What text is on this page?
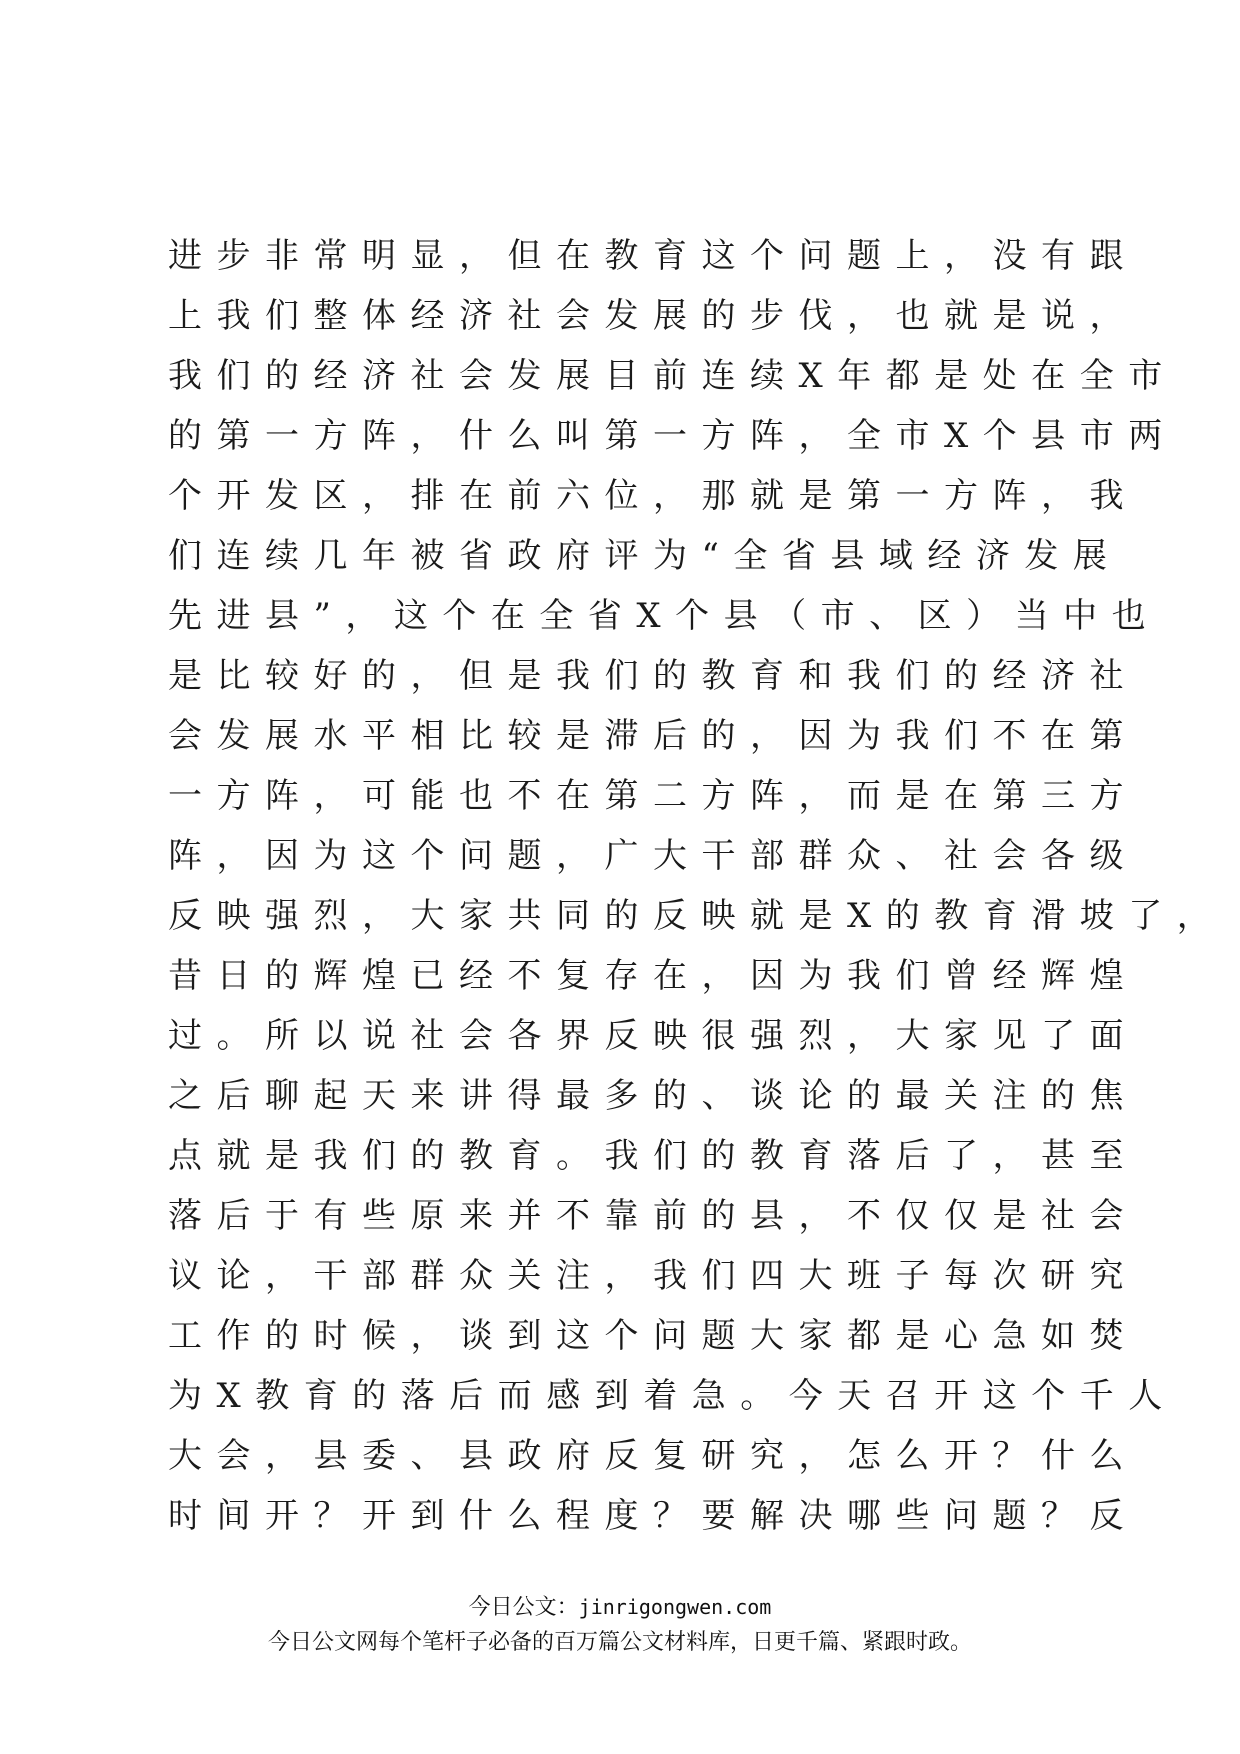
进步非常明显，但在教育这个问题上，没有跟
上我们整体经济社会发展的步伐，也就是说，
我们的经济社会发展目前连续X年都是处在全市
的第一方阵，什么叫第一方阵，全市X个县市两
个开发区，排在前六位，那就是第一方阵，我
们连续几年被省政府评为“全省县域经济发展
先进县”，这个在全省X个县（市、区）当中也
是比较好的，但是我们的教育和我们的经济社
会发展水平相比较是滞后的，因为我们不在第
一方阵，可能也不在第二方阵，而是在第三方
阵，因为这个问题，广大干部群众、社会各级
反映强烈，大家共同的反映就是X的教育滑坡了，
昔日的辉煌已经不复存在，因为我们曾经辉煌
过。所以说社会各界反映很强烈，大家见了面
之后聊起天来讲得最多的、谈论的最关注的焦
点就是我们的教育。我们的教育落后了，甚至
落后于有些原来并不靠前的县，不仅仅是社会
议论，干部群众关注，我们四大班子每次研究
工作的时候，谈到这个问题大家都是心急如焚
为X教育的落后而感到着急。今天召开这个千人
大会，县委、县政府反复研究，怎么开？什么
时间开？开到什么程度？要解决哪些问题？反
今日公文：jinrigongwen.com
今日公文网每个笔杆子必备的百万篇公文材料库，日更千篇、紧跟时政。
